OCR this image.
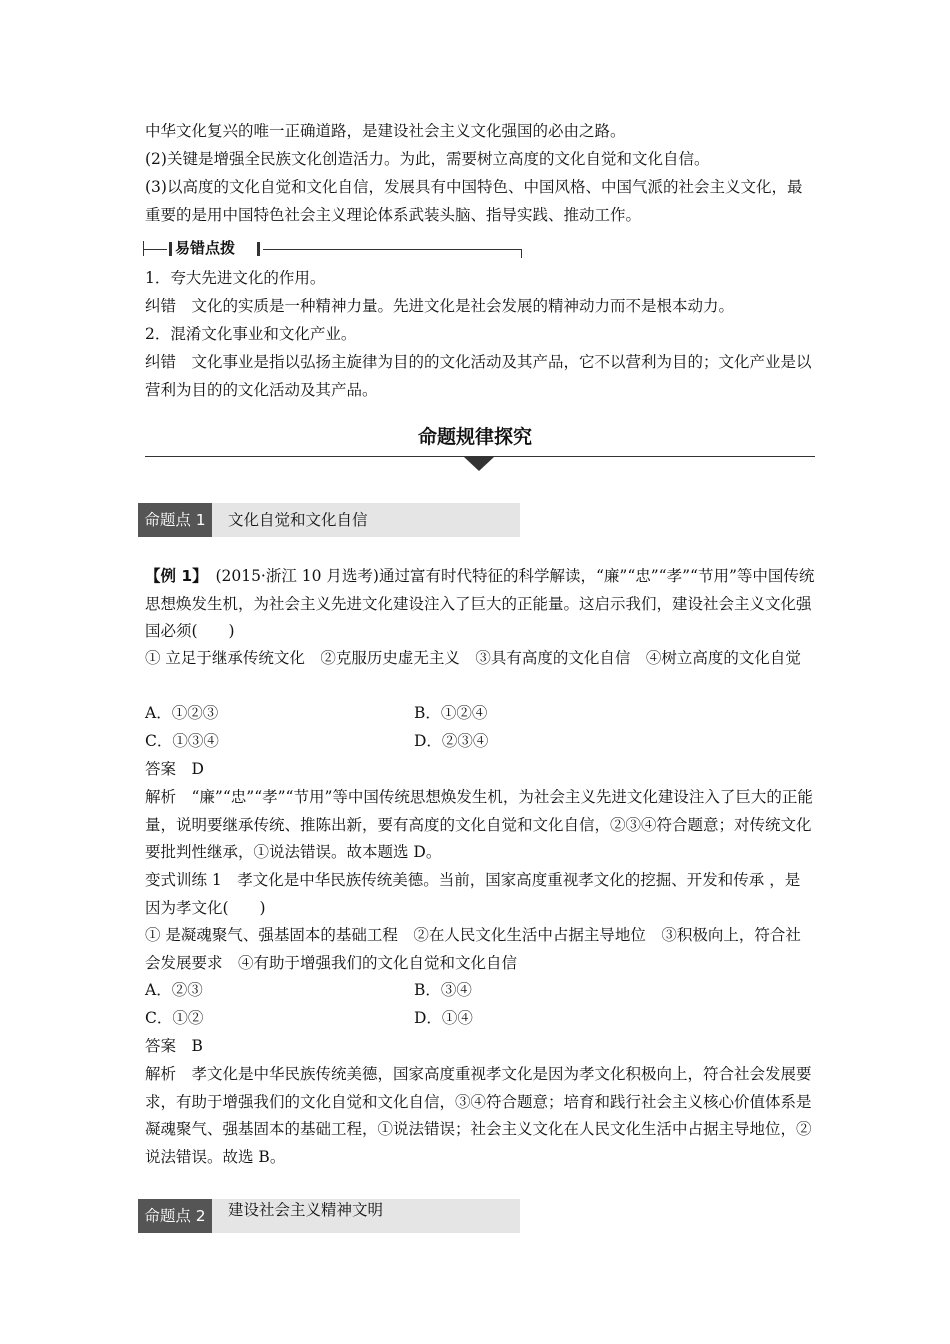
中华文化复兴的唯一正确道路，是建设社会主义文化强国的必由之路。
(2)关键是增强全民族文化创造活力。为此，需要树立高度的文化自觉和文化自信。
(3)以高度的文化自觉和文化自信，发展具有中国特色、中国风格、中国气派的社会主义文化，最重要的是用中国特色社会主义理论体系武装头脑、指导实践、推动工作。
易错点拨
1．夸大先进文化的作用。
纠错　文化的实质是一种精神力量。先进文化是社会发展的精神动力而不是根本动力。
2．混淆文化事业和文化产业。
纠错　文化事业是指以弘扬主旋律为目的的文化活动及其产品，它不以营利为目的；文化产业是以营利为目的的文化活动及其产品。
命题规律探究
命题点 1	文化自觉和文化自信
【例 1】　(2015·浙江 10 月选考)通过富有时代特征的科学解读，“廉”“忠”“孝”“节用”等中国传统思想焕发生机，为社会主义先进文化建设注入了巨大的正能量。这启示我们，建设社会主义文化强国必须(　　)
① 立足于继承传统文化　②克服历史虚无主义　③具有高度的文化自信　④树立高度的文化自觉
A．①②③	B．①②④
C．①③④	D．②③④
答案　D
解析　“廉”“忠”“孝”“节用”等中国传统思想焕发生机，为社会主义先进文化建设注入了巨大的正能量，说明要继承传统、推陈出新，要有高度的文化自觉和文化自信，②③④符合题意；对传统文化要批判性继承，①说法错误。故本题选 D。
变式训练 1　孝文化是中华民族传统美德。当前，国家高度重视孝文化的挖掘、开发和传承 ，是因为孝文化(　　)
① 是凝魂聚气、强基固本的基础工程　②在人民文化生活中占据主导地位　③积极向上，符合社会发展要求　④有助于增强我们的文化自觉和文化自信
A．②③	B．③④
C．①②	D．①④
答案　B
解析　孝文化是中华民族传统美德，国家高度重视孝文化是因为孝文化积极向上，符合社会发展要求，有助于增强我们的文化自觉和文化自信，③④符合题意；培育和践行社会主义核心价值体系是凝魂聚气、强基固本的基础工程，①说法错误；社会主义文化在人民文化生活中占据主导地位，②说法错误。故选 B。
命题点 2	建设社会主义精神文明
